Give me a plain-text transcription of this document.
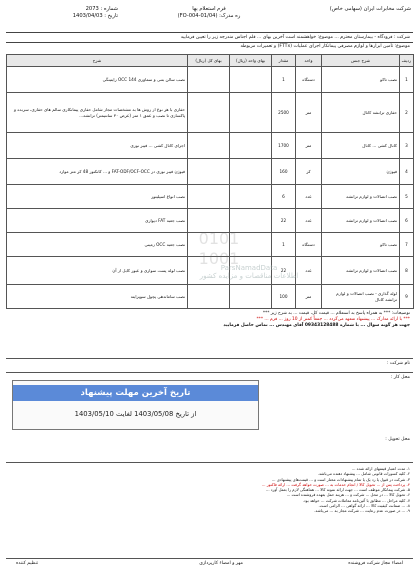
شرکت مخابرات ایران (سهامی خاص)
فرم استعلام بها
ره مدرک: (FO-004-01/04)
شماره : 2073
تاریخ : 1403/04/03
شرکت : فرودگاه - بیمارستان محترم ... موضوع: خواهشمند است آخرین بهای ... قلم اجناس مندرجه زیر را تعیین فرمایید
موضوع: تأمین ابزارها و لوازم مصرفی پیمانکار اجرای عملیات (FTTx) و تعمیرات مربوطه
ردیف	شرح جنس	واحد	مقدار	بهای واحد (ریال)	بهای کل (ریال)	شرح
1	نصب تاکو	دستگاه	1			نصب سالن بتنی و سماوری 144 OCC رایتینگی
2	حفاری ترانشه کانال	متر	2500			حفاری با هر نوع از روش ها به مشخصات مجاز شامل حفاری پیمانکاری سالم های حفاری، سرنده و پاکسازی تا نصب و عمق ۱ متر (عرض ۳۰ سانتیمتر) ترانشه...
3	کانال کشی ... کانال	متر	1700			اجرای کانال کشی ... فیبر نوری
4	فیوژن	کر	160			فیوژن فیبر نوری در FAT-ODF/OCF-OCC و ... کانکتور 48 کر متر موارد
5	نصب اتصالات و لوازم ترانشه	عدد	6			نصب انواع اسپلیتور
6	نصب اتصالات و لوازم ترانشه	عدد	22			نصب جعبه FAT دیواری
7	نصب تاکو	دستگاه	1			نصب جعبه OCC زمینی
8	نصب اتصالات و لوازم ترانشه	عدد	22			نصب لوله پست سواری و عبور کابل از آن
9	لوله گذاری - نصب اتصالات و لوازم ترانشه کانال	متر	100			نصب ساماندهی پچول سوپرایته
0101
1001
ParsNamadData
اطلاعات مناقصات و مزایده کشور
توضیحات: *** به همراه پاسخ به استعلام ... قیمت کل، قیمت ... به شرح زیر ***
*** با ارائه مدارک ... پیشنهاد متعهد می‌گردد ... جمعاً کمتر از 10 روز ... فرم ... ***
جهت هر گونه سوال ... با شماره 09343128488 آقای مهندس ... تماس حاصل فرمایید
نام شرکت :
محل کار :
تاریخ آخرین مهلت پیشنهاد
از تاریخ 1403/05/08 لغایت 1403/05/10
محل تحویل :
۱- مدت اعتبار قیمتهای ارائه شده ...
۲- کلیه کسورات قانونی شامل ... پیشنهاد دهنده می‌باشد.
۳- شرکت در قبول یا رد یک یا تمام پیشنهادات مختار است و ... قیمت‌های پیشنهادی ...
۴- پرداخت پس از ... تحویل کالا / انجام خدمات به ... صورت خواهد گرفت ... ارائه فاکتور ...
۵- شرکت پیمانکار موظف است ... جهت ارائه نمونه کالا ... هماهنگی لازم را بعمل آورد ...
۶- تحویل کالا ... در محل ... شرکت و ... هزینه حمل بعهده فروشنده است ...
۷- کلیه مراحل ... مطابق با آئین‌نامه معاملات شرکت ... خواهد بود.
۸- ... ضمانت کیفیت کالا ... ارائه گواهی ... الزامی است.
۹- ... در صورت عدم رعایت ... شرکت مجاز به ... می‌باشد.
امضاء مجاز شرکت فروشنده
مهر و امضاء کارپردازی
تنظیم کننده
